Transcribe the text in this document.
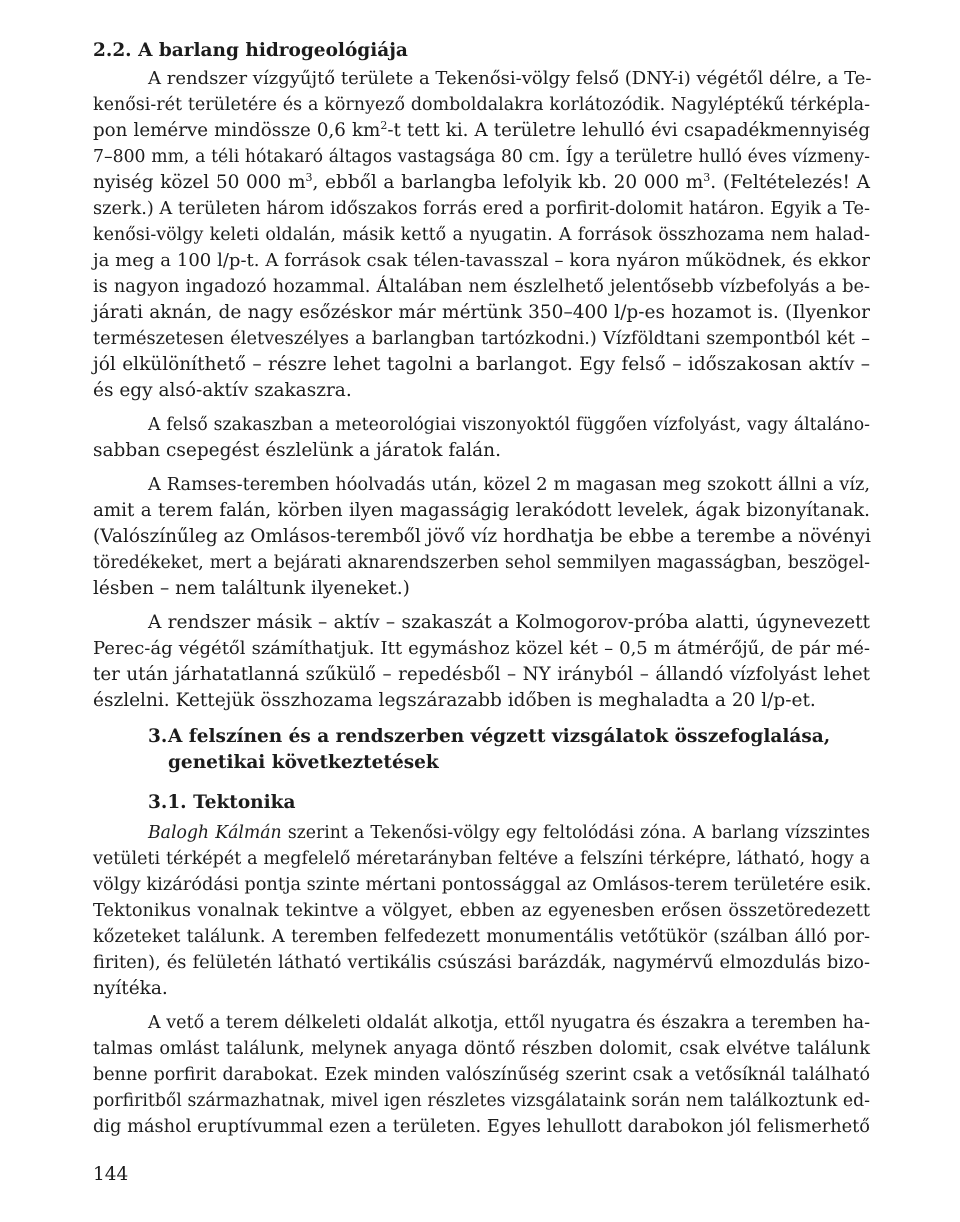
2.2. A barlang hidrogeológiája
A rendszer vízgyűjtő területe a Tekenősi-völgy felső (DNY-i) végétől délre, a Te-
kenősi-rét területére és a környező domboldalakra korlátozódik. Nagyléptékű térképla-
pon lemérve mindössze 0,6 $km^2-t$ tett ki. A területre lehulló évi csapadékmennyiség
7–800 mm, a téli hótakaró áltagos vastagsága 80 cm. Így a területre hulló éves vízmeny-
nyiség közel 50 000 $m^3$, ebből a barlangba lefolyik kb. 20 000 $m^3$. (Feltételezés! A
szerk.) A területen három időszakos forrás ered a porfirit-dolomit határon. Egyik a Te-
kenősi-völgy keleti oldalán, másik kettő a nyugatin. A források összhozama nem halad-
ja meg a 100 l/p-t. A források csak télen-tavasszal – kora nyáron működnek, és ekkor
is nagyon ingadozó hozammal. Általában nem észlelhető jelentősebb vízbefolyás a be-
járati aknán, de nagy esőzéskor már mértünk 350–400 l/p-es hozamot is. (Ilyenkor
természetesen életveszélyes a barlangban tartózkodni.) Vízföldtani szempontból két –
jól elkülöníthető – részre lehet tagolni a barlangot. Egy felső – időszakosan aktív –
és egy alsó-aktív szakaszra.
A felső szakaszban a meteorológiai viszonyoktól függően vízfolyást, vagy általáno-
sabban csepegést észlelünk a járatok falán.
A Ramses-teremben hóolvadás után, közel 2 m magasan meg szokott állni a víz,
amit a terem falán, körben ilyen magasságig lerakódott levelek, ágak bizonyítanak.
(Valószínűleg az Omlásos-teremből jövő víz hordhatja be ebbe a terembe a növényi
töredékeket, mert a bejárati aknarendszerben sehol semmilyen magasságban, beszögel-
lésben – nem találtunk ilyeneket.)
A rendszer másik – aktív – szakaszát a Kolmogorov-próba alatti, úgynevezett
Perec-ág végétől számíthatjuk. Itt egymáshoz közel két – 0,5 m átmérőjű, de pár mé-
ter után járhatatlanná szűkülő – repedésből – NY irányból – állandó vízfolyást lehet
észlelni. Kettejük összhozama legszárazabb időben is meghaladta a 20 l/p-et.
3.A felszínen és a rendszerben végzett vizsgálatok összefoglalása,
genetikai következtetések
3.1. Tektonika
Balogh Kálmán szerint a Tekenősi-völgy egy feltolódási zóna. A barlang vízszintes
vetületi térképét a megfelelő méretarányban feltéve a felszíni térképre, látható, hogy a
völgy kizáródási pontja szinte mértani pontossággal az Omlásos-terem területére esik.
Tektonikus vonalnak tekintve a völgyet, ebben az egyenesben erősen összetöredezett
kőzeteket találunk. A teremben felfedezett monumentális vetőtükör (szálban álló por-
firiten), és felületén látható vertikális csúszási barázdák, nagymérvű elmozdulás bizo-
nyítéka.
A vető a terem délkeleti oldalát alkotja, ettől nyugatra és északra a teremben ha-
talmas omlást találunk, melynek anyaga döntő részben dolomit, csak elvétve találunk
benne porfirit darabokat. Ezek minden valószínűség szerint csak a vetősíknál található
porfiritből származhatnak, mivel igen részletes vizsgálataink során nem találkoztunk ed-
dig máshol eruptívummal ezen a területen. Egyes lehullott darabokon jól felismerhető
144
